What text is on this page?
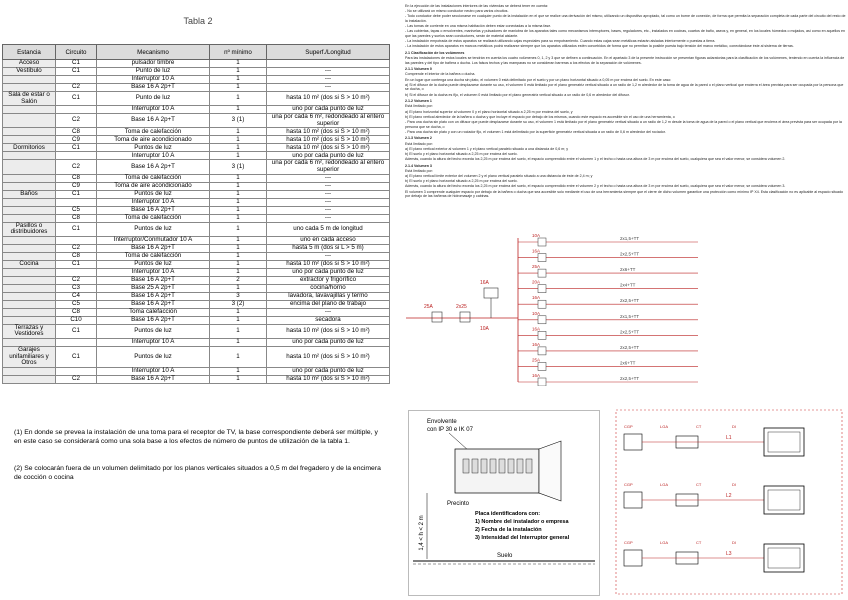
Tabla 2
Estancia	Circuito	Mecanismo	nº mínimo	Superf./Longitud
Acceso	C1	pulsador timbre	1	
Vestíbulo	C1	Punto de luz	1	---
		Interruptor 10 A	1	---
	C2	Base 16 A 2p+T	1	---
Sala de estar o Salón	C1	Punto de luz	1	hasta 10 m² (dos si S > 10 m²)
		Interruptor 10 A	1	uno por cada punto de luz
	C2	Base 16 A 2p+T	3 (1)	una por cada 6 m², redondeado al entero superior
	C8	Toma de calefacción	1	hasta 10 m² (dos si S > 10 m²)
	C9	Toma de aire acondicionado	1	hasta 10 m² (dos si S > 10 m²)
Dormitorios	C1	Puntos de luz	1	hasta 10 m² (dos si S > 10 m²)
		Interruptor 10 A	1	uno por cada punto de luz
	C2	Base 16 A 2p+T	3 (1)	una por cada 6 m², redondeado al entero superior
	C8	Toma de calefacción	1	---
	C9	Toma de aire acondicionado	1	---
Baños	C1	Puntos de luz	1	---
		Interruptor 10 A	1	---
	C5	Base 16 A 2p+T	1	---
	C8	Toma de calefacción	1	---
Pasillos o distribuidores	C1	Puntos de luz	1	uno cada 5 m de longitud
		Interruptor/Conmutador 10 A	1	uno en cada acceso
	C2	Base 16 A 2p+T	1	hasta 5 m (dos si L > 5 m)
	C8	Toma de calefacción	1	---
Cocina	C1	Puntos de luz	1	hasta 10 m² (dos si S > 10 m²)
		Interruptor 10 A	1	uno por cada punto de luz
	C2	Base 16 A 2p+T	2	extractor y frigorífico
	C3	Base 25 A 2p+T	1	cocina/horno
	C4	Base 16 A 2p+T	3	lavadora, lavavajillas y termo
	C5	Base 16 A 2p+T	3 (2)	encima del plano de trabajo
	C8	Toma calefacción	1	---
	C10	Base 16 A 2p+T	1	secadora
Terrazas y Vestidores	C1	Puntos de luz	1	hasta 10 m² (dos si S > 10 m²)
		Interruptor 10 A	1	uno por cada punto de luz
Garajes unifamiliares y Otros	C1	Puntos de luz	1	hasta 10 m² (dos si S > 10 m²)
		Interruptor 10 A	1	uno por cada punto de luz
	C2	Base 16 A 2p+T	1	hasta 10 m² (dos si S > 10 m²)
(1) En donde se prevea la instalación de una toma para el receptor de TV, la base correspondiente deberá ser múltiple, y en este caso se considerará como una sola base a los efectos de número de puntos de utilización de la tabla 1.
(2) Se colocarán fuera de un volumen delimitado por los planos verticales situados a 0,5 m del fregadero y de la encimera de cocción o cocina

En la ejecución de las instalaciones interiores de las viviendas se deberá tener en cuenta:

- No se utilizará un mismo conductor neutro para varios circuitos.

- Todo conductor debe poder seccionarse en cualquier punto de la instalación en el que se realice una derivación del mismo, utilizando un dispositivo apropiado, tal como un borne de conexión, de forma que permita la separación completa de cada parte del circuito del resto de la instalación.

- Las tomas de corriente en una misma habitación deben estar conectadas a la misma fase.

- Las cubiertas, tapas o envolventes, manivelas y pulsadores de maniobra de los aparatos tales como mecanismos interruptores, bases, reguladores, etc., instalados en cocinas, cuartos de baño, aseos y, en general, en los locales húmedos o mojados, así como en aquellos en que las paredes y suelos sean conductores, serán de material aislante.

- La instalación empotrada de estos aparatos se realizará utilizando cajas especiales para su empotramiento. Cuando estas cajas sean metálicas estarán aisladas interiormente o puestas a tierra.

- La instalación de estos aparatos en marcos metálicos podrá realizarse siempre que los aparatos utilizados estén concebidos de forma que no permitan la posible puesta bajo tensión del marco metálico, conectándose éste al sistema de tierras.

2.1 Clasificación de los volúmenes

Para las instalaciones de estos locales se tendrán en cuenta los cuatro volúmenes 0, 1, 2 y 3 que se definen a continuación. En el apartado 3 de la presente instrucción se presentan figuras aclaratorias para la clasificación de los volúmenes, teniendo en cuenta la influencia de las paredes y del tipo de bañera o ducha. Los falsos techos y las mamparas no se consideran barreras a los efectos de la separación de volúmenes.

2.1.1 Volumen 0

Comprende el interior de la bañera o ducha.

En un lugar que contenga una ducha sin plato, el volumen 0 está delimitado por el suelo y por un plano horizontal situado a 0,05 m por encima del suelo. En este caso:

a) Si el difusor de la ducha puede desplazarse durante su uso, el volumen 0 está limitado por el plano generatriz vertical situado a un radio de 1,2 m alrededor de la toma de agua de la pared o el plano vertical que encierra el área prevista para ser ocupada por la persona que se ducha, o

b) Si el difusor de la ducha es fijo, el volumen 0 está limitado por el plano generatriz vertical situado a un radio de 0,6 m alrededor del difusor.

2.1.2 Volumen 1

Está limitado por:

a) El plano horizontal superior al volumen 0 y el plano horizontal situado a 2,25 m por encima del suelo, y

b) El plano vertical alrededor de la bañera o ducha y que incluye el espacio por debajo de los mismos, cuando este espacio es accesible sin el uso de una herramienta, o

- Para una ducha sin plato con un difusor que puede desplazarse durante su uso, el volumen 1 está limitado por el plano generatriz vertical situado a un radio de 1,2 m desde la toma de agua de la pared o el plano vertical que encierra el área prevista para ser ocupada por la persona que se ducha, o

- Para una ducha sin plato y con un rociador fijo, el volumen 1 está delimitado por la superficie generatriz vertical situada a un radio de 0,6 m alrededor del rociador.

2.1.3 Volumen 2

Está limitado por:

a) El plano vertical exterior al volumen 1 y el plano vertical paralelo situado a una distancia de 0,6 m; y

b) El suelo y el plano horizontal situado a 2,25 m por encima del suelo.

Además, cuando la altura del techo exceda los 2,25 m por encima del suelo, el espacio comprendido entre el volumen 1 y el techo o hasta una altura de 3 m por encima del suelo, cualquiera que sea el valor menor, se considera volumen 2.

2.1.4 Volumen 3

Está limitado por:

a) El plano vertical límite exterior del volumen 2 y el plano vertical paralelo situado a una distancia de éste de 2,4 m; y

b) El suelo y el plano horizontal situado a 2,25 m por encima del suelo.

Además, cuando la altura del techo exceda los 2,25 m por encima del suelo, el espacio comprendido entre el volumen 2 y el techo o hasta una altura de 3 m por encima del suelo, cualquiera que sea el valor menor, se considera volumen 3.

El volumen 3 comprende cualquier espacio por debajo de la bañera o ducha que sea accesible solo mediante el uso de una herramienta siempre que el cierre de dicho volumen garantice una protección como mínimo IP X4. Esta clasificación no es aplicable al espacio situado por debajo de las bañeras de hidromasaje y cabinas.

25A	2x25
16A
10A
10A
2x1,5+TT
16A
2x2,5+TT
25A
2x6+TT
20A
2x4+TT
16A
2x2,5+TT
10A
2x1,5+TT
16A
2x2,5+TT
16A
2x2,5+TT
25A
2x6+TT
16A
2x2,5+TT
Envolvente
con IP 30 e IK 07
Precinto
1,4 < h < 2 m
Placa identificadora con:
1) Nombre del instalador o empresa
2) Fecha de la instalación
3) Intensidad del Interruptor general
Suelo
L1
CGP	LGA	CT	DI
L2
CGP	LGA	CT	DI
L3
CGP	LGA	CT	DI
